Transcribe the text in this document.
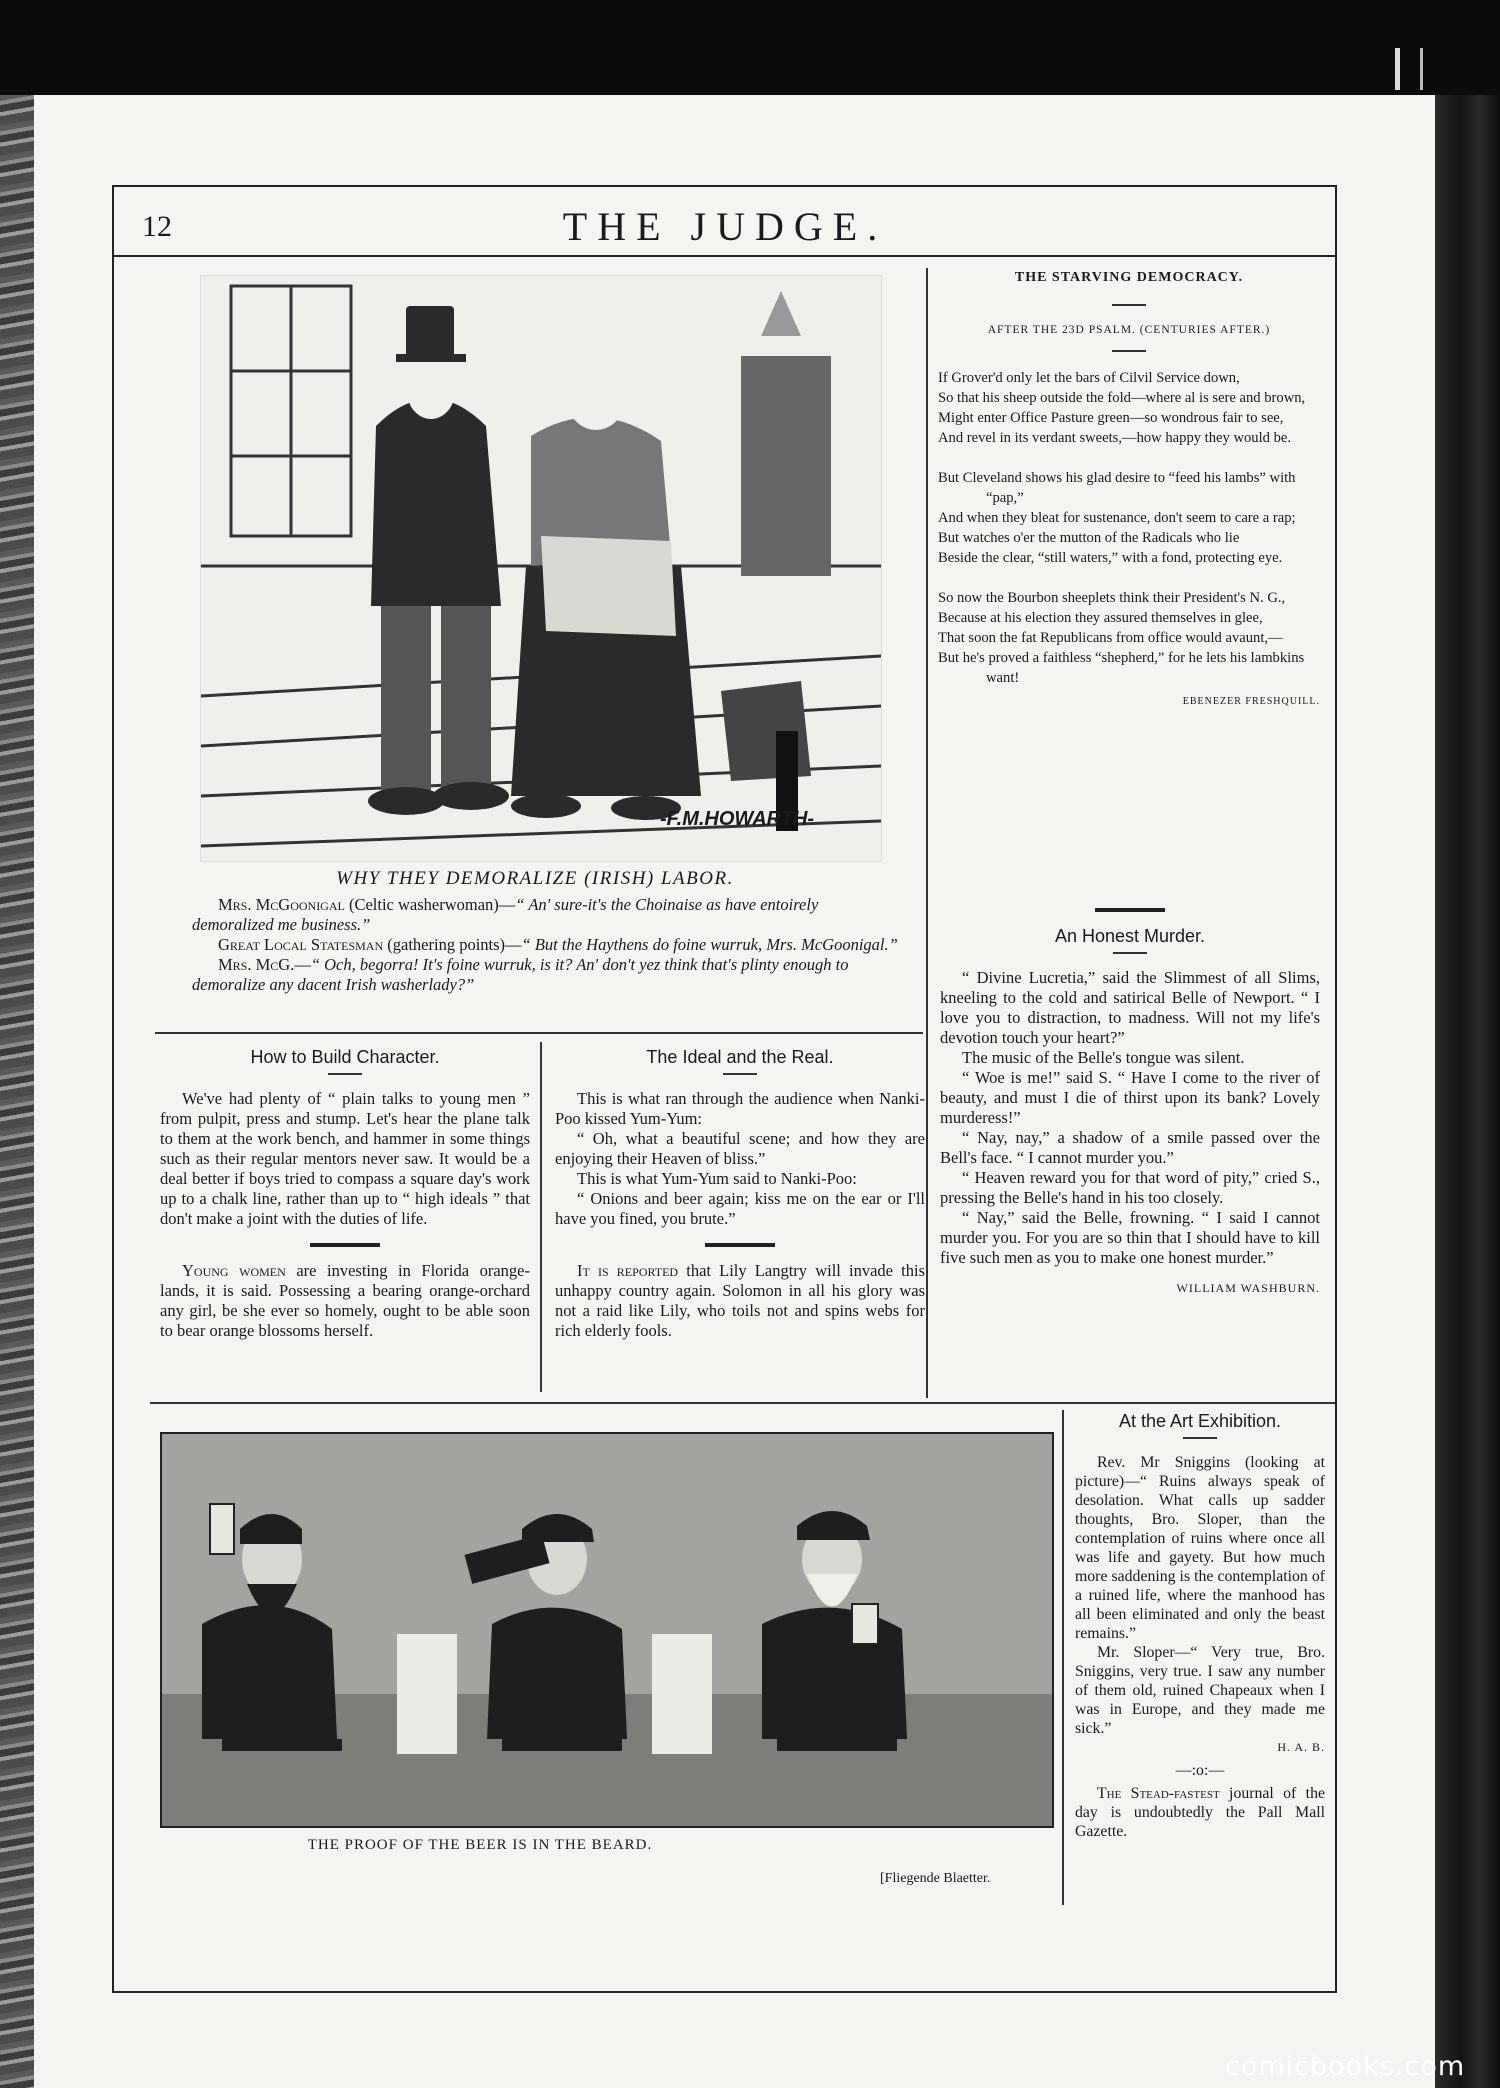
12	THE JUDGE.
-F.M.HOWARTH-
WHY THEY DEMORALIZE (IRISH) LABOR.
Mrs. McGoonigal (Celtic washerwoman)—“ An' sure-it's the Choinaise as have entoirely demoralized me business.”
Great Local Statesman (gathering points)—“ But the Haythens do foine wurruk, Mrs. McGoonigal.”
Mrs. McG.—“ Och, begorra! It's foine wurruk, is it? An' don't yez think that's plinty enough to demoralize any dacent Irish washerlady?”
THE STARVING DEMOCRACY.
AFTER THE 23D PSALM. (CENTURIES AFTER.)
If Grover'd only let the bars of Cilvil Service down,
So that his sheep outside the fold—where al is sere and brown,
Might enter Office Pasture green—so wondrous fair to see,
And revel in its verdant sweets,—how happy they would be.
But Cleveland shows his glad desire to “feed his lambs” with “pap,”
And when they bleat for sustenance, don't seem to care a rap;
But watches o'er the mutton of the Radicals who lie
Beside the clear, “still waters,” with a fond, protecting eye.
So now the Bourbon sheeplets think their President's N. G.,
Because at his election they assured themselves in glee,
That soon the fat Republicans from office would avaunt,—
But he's proved a faithless “shepherd,” for he lets his lambkins want!
EBENEZER FRESHQUILL.
An Honest Murder.

“ Divine Lucretia,” said the Slimmest of all Slims, kneeling to the cold and satirical Belle of Newport. “ I love you to distraction, to madness. Will not my life's devotion touch your heart?”

The music of the Belle's tongue was silent.

“ Woe is me!” said S. “ Have I come to the river of beauty, and must I die of thirst upon its bank? Lovely murderess!”

“ Nay, nay,” a shadow of a smile passed over the Bell's face. “ I cannot murder you.”

“ Heaven reward you for that word of pity,” cried S., pressing the Belle's hand in his too closely.

“ Nay,” said the Belle, frowning. “ I said I cannot murder you. For you are so thin that I should have to kill five such men as you to make one honest murder.”

WILLIAM WASHBURN.
How to Build Character.

We've had plenty of “ plain talks to young men ” from pulpit, press and stump. Let's hear the plane talk to them at the work bench, and hammer in some things such as their regular mentors never saw. It would be a deal better if boys tried to compass a square day's work up to a chalk line, rather than up to “ high ideals ” that don't make a joint with the duties of life.

Young women are investing in Florida orange-lands, it is said. Possessing a bearing orange-orchard any girl, be she ever so homely, ought to be able soon to bear orange blossoms herself.

The Ideal and the Real.

This is what ran through the audience when Nanki-Poo kissed Yum-Yum:

“ Oh, what a beautiful scene; and how they are enjoying their Heaven of bliss.”

This is what Yum-Yum said to Nanki-Poo:

“ Onions and beer again; kiss me on the ear or I'll have you fined, you brute.”

It is reported that Lily Langtry will invade this unhappy country again. Solomon in all his glory was not a raid like Lily, who toils not and spins webs for rich elderly fools.

THE PROOF OF THE BEER IS IN THE BEARD.
[Fliegende Blaetter.
At the Art Exhibition.

Rev. Mr Sniggins (looking at picture)—“ Ruins always speak of desolation. What calls up sadder thoughts, Bro. Sloper, than the contemplation of ruins where once all was life and gayety. But how much more saddening is the contemplation of a ruined life, where the manhood has all been eliminated and only the beast remains.”

Mr. Sloper—“ Very true, Bro. Sniggins, very true. I saw any number of them old, ruined Chapeaux when I was in Europe, and they made me sick.”

H. A. B.
—:o:—

The Stead-fastest journal of the day is undoubtedly the Pall Mall Gazette.

comicbooks.com
